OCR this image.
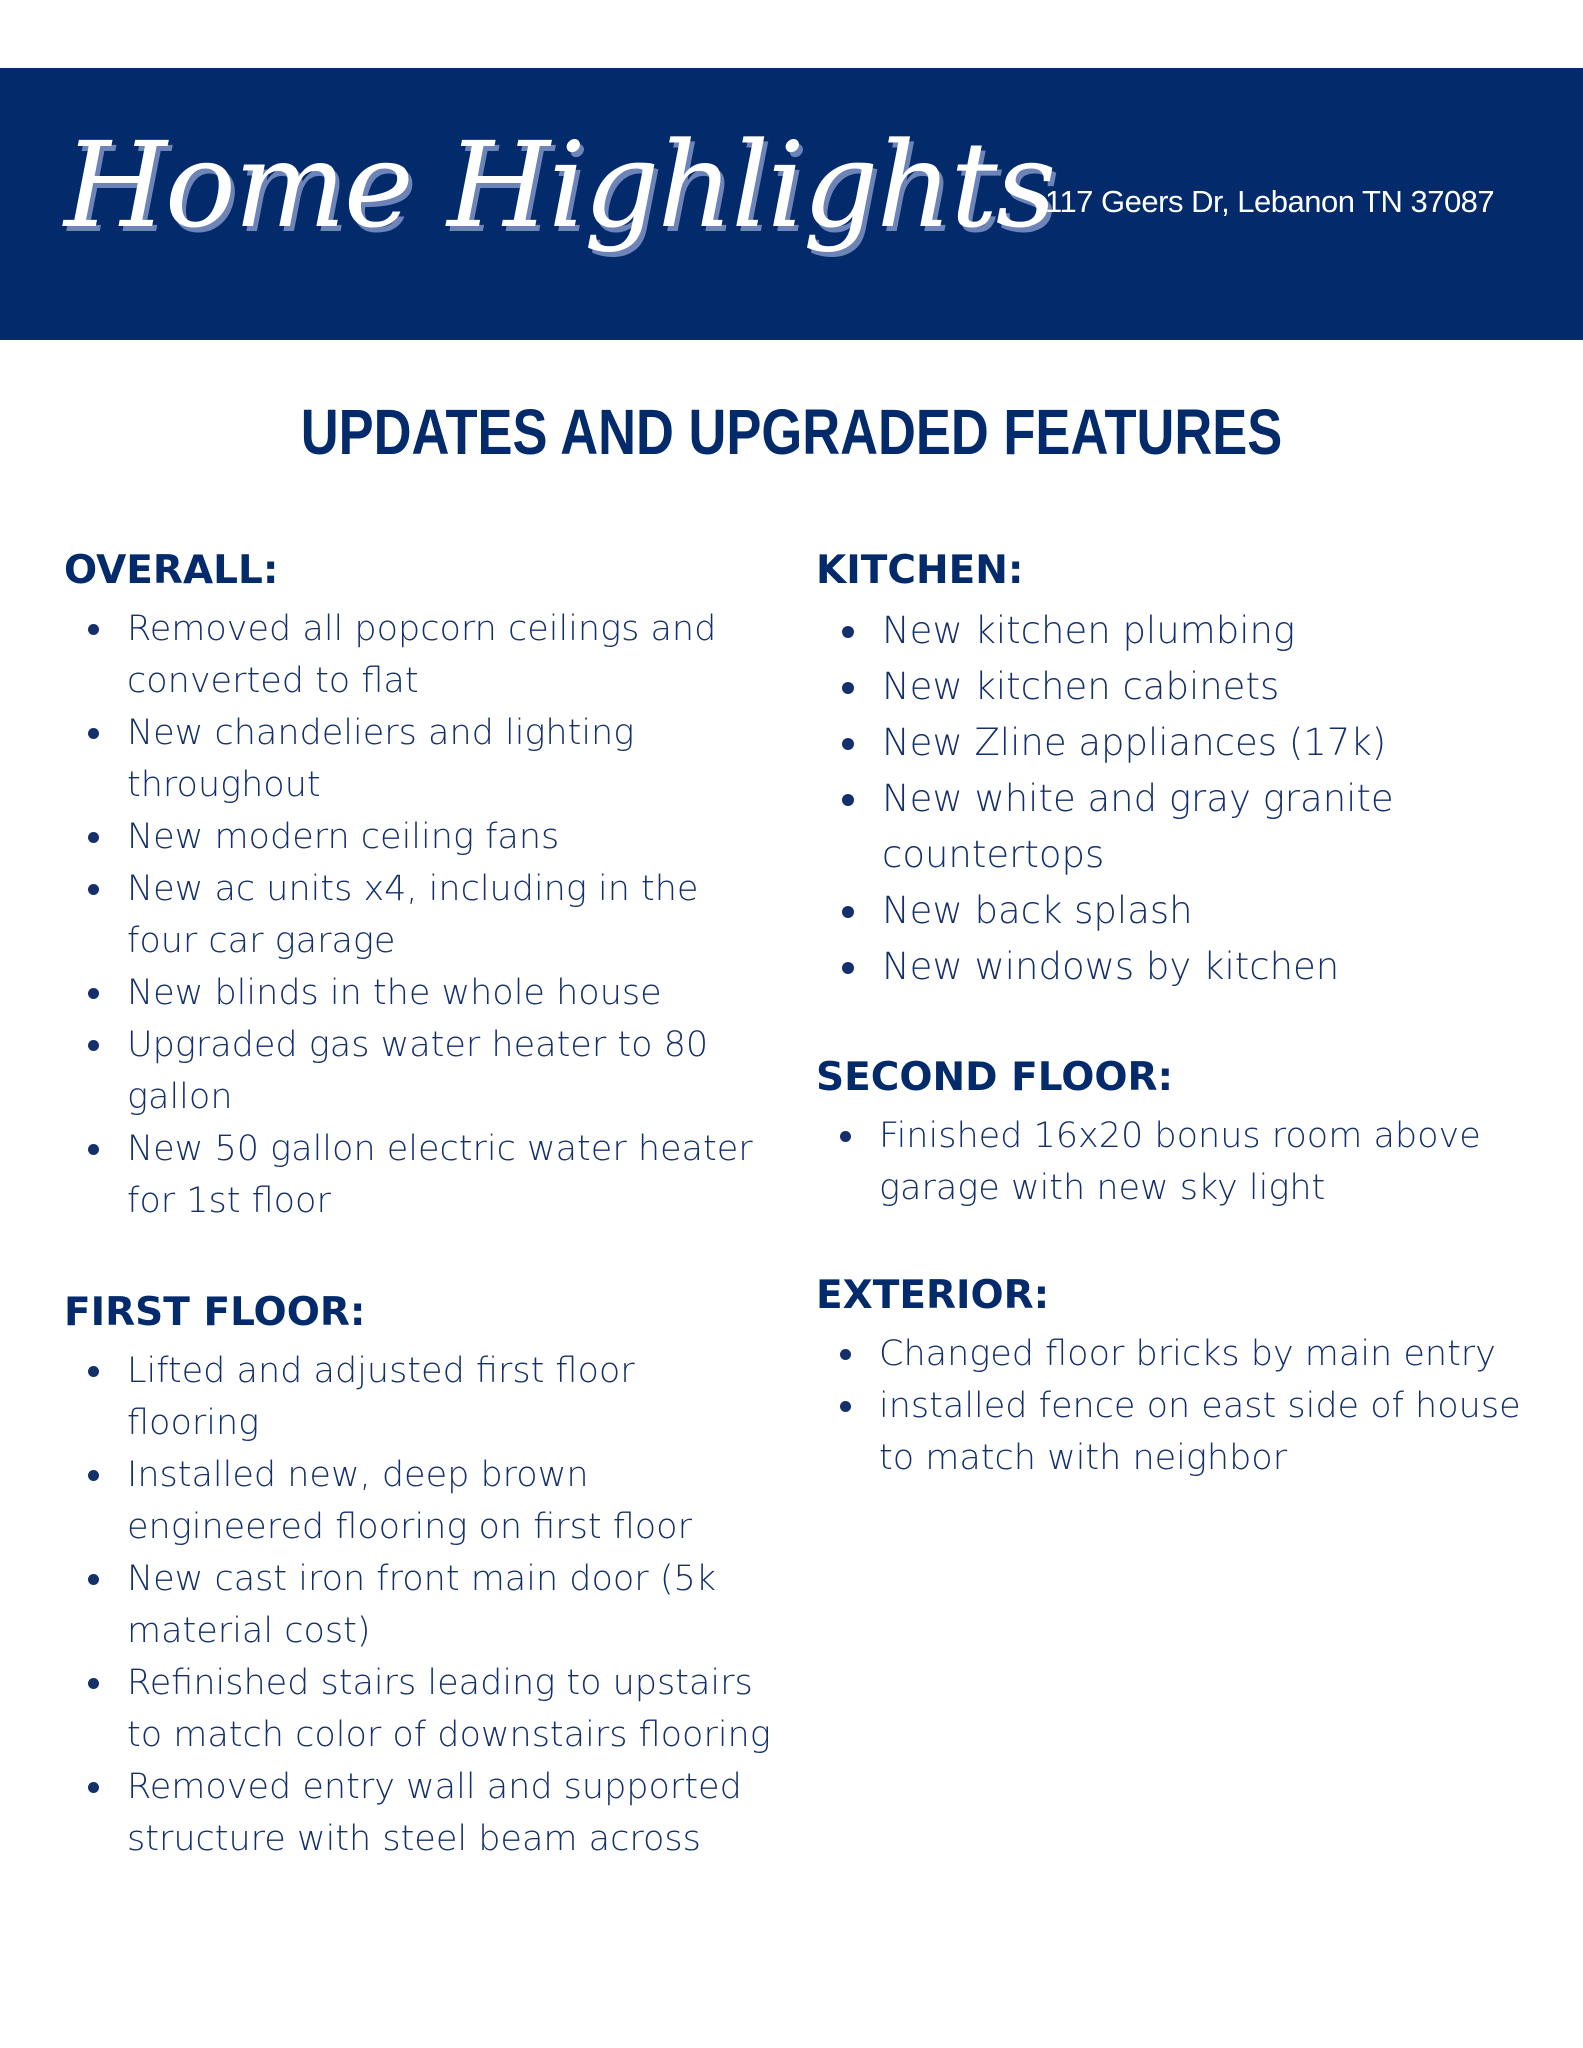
Home Highlights
117 Geers Dr, Lebanon TN 37087
UPDATES AND UPGRADED FEATURES
OVERALL:
Removed all popcorn ceilings and converted to flat
New chandeliers and lighting throughout
New modern ceiling fans
New ac units x4, including in the four car garage
New blinds in the whole house
Upgraded gas water heater to 80 gallon
New 50 gallon electric water heater for 1st floor
FIRST FLOOR:
Lifted and adjusted first floor flooring
Installed new, deep brown engineered flooring on first floor
New cast iron front main door (5k material cost)
Refinished stairs leading to upstairs to match color of downstairs flooring
Removed entry wall and supported structure with steel beam across
KITCHEN:
New kitchen plumbing
New kitchen cabinets
New Zline appliances (17k)
New white and gray granite countertops
New back splash
New windows by kitchen
SECOND FLOOR:
Finished 16x20 bonus room above garage with new sky light
EXTERIOR:
Changed floor bricks by main entry
installed fence on east side of house to match with neighbor
